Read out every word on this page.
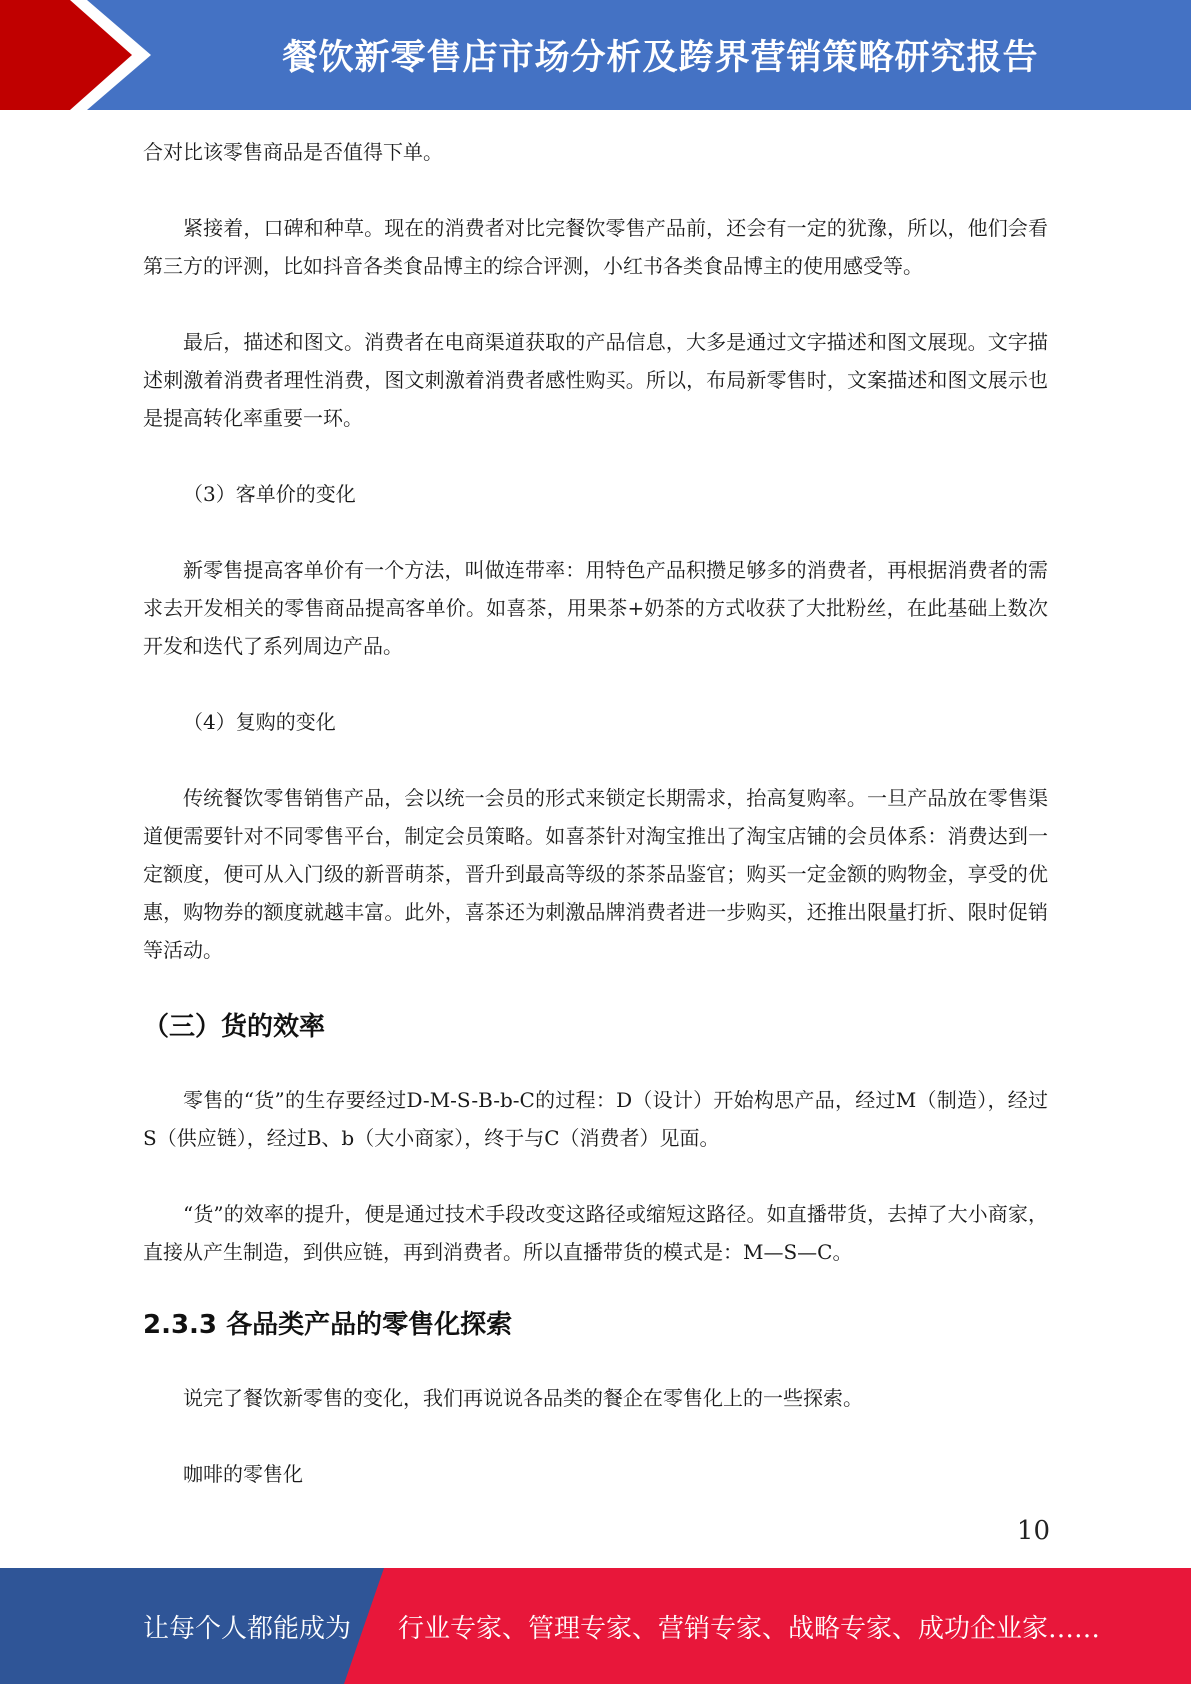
餐饮新零售店市场分析及跨界营销策略研究报告

合对比该零售商品是否值得下单。

紧接着，口碑和种草。现在的消费者对比完餐饮零售产品前，还会有一定的犹豫，所以，他们会看第三方的评测，比如抖音各类食品博主的综合评测，小红书各类食品博主的使用感受等。

最后，描述和图文。消费者在电商渠道获取的产品信息，大多是通过文字描述和图文展现。文字描述刺激着消费者理性消费，图文刺激着消费者感性购买。所以，布局新零售时，文案描述和图文展示也是提高转化率重要一环。

（3）客单价的变化

新零售提高客单价有一个方法，叫做连带率：用特色产品积攒足够多的消费者，再根据消费者的需求去开发相关的零售商品提高客单价。如喜茶，用果茶+奶茶的方式收获了大批粉丝，在此基础上数次开发和迭代了系列周边产品。

（4）复购的变化

传统餐饮零售销售产品，会以统一会员的形式来锁定长期需求，抬高复购率。一旦产品放在零售渠道便需要针对不同零售平台，制定会员策略。如喜茶针对淘宝推出了淘宝店铺的会员体系：消费达到一定额度，便可从入门级的新晋萌茶，晋升到最高等级的茶茶品鉴官；购买一定金额的购物金，享受的优惠，购物券的额度就越丰富。此外，喜茶还为刺激品牌消费者进一步购买，还推出限量打折、限时促销等活动。

（三）货的效率

零售的“货”的生存要经过D-M-S-B-b-C的过程：D（设计）开始构思产品，经过M（制造），经过S（供应链），经过B、b（大小商家），终于与C（消费者）见面。

“货”的效率的提升，便是通过技术手段改变这路径或缩短这路径。如直播带货，去掉了大小商家，直接从产生制造，到供应链，再到消费者。所以直播带货的模式是：M—S—C。

2.3.3 各品类产品的零售化探索

说完了餐饮新零售的变化，我们再说说各品类的餐企在零售化上的一些探索。

咖啡的零售化

10
让每个人都能成为 行业专家、管理专家、营销专家、战略专家、成功企业家……
